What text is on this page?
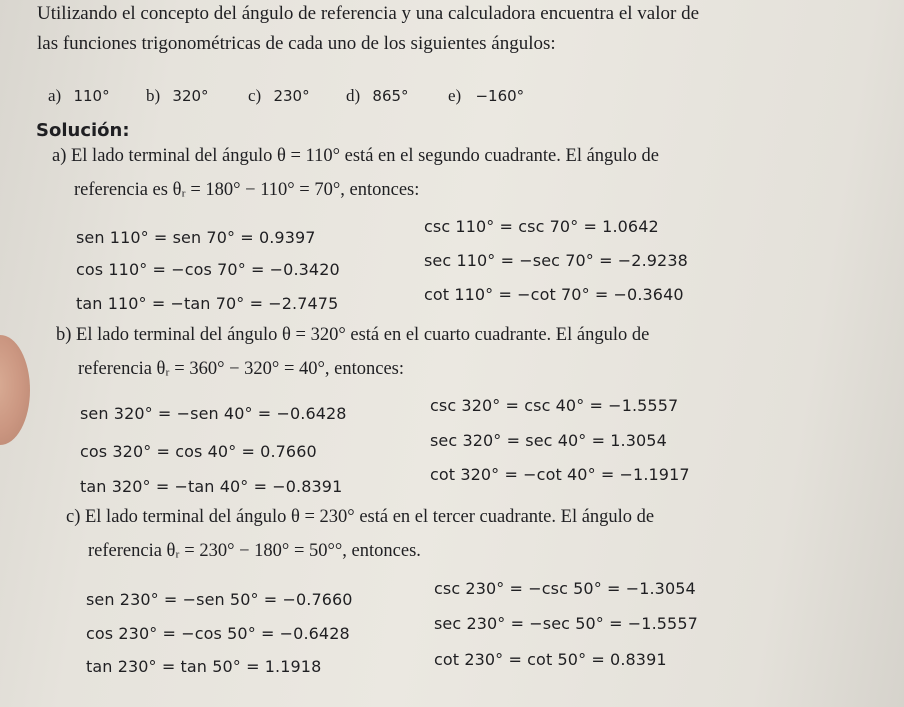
Utilizando el concepto del ángulo de referencia y una calculadora encuentra el valor de
las funciones trigonométricas de cada uno de los siguientes ángulos:
a) 110° b) 320° c) 230° d) 865° e) −160°
Solución:
a) El lado terminal del ángulo θ = 110° está en el segundo cuadrante. El ángulo de
referencia es θᵣ = 180° − 110° = 70°, entonces:
sen 110° = sen 70° = 0.9397
cos 110° = −cos 70° = −0.3420
tan 110° = −tan 70° = −2.7475
csc 110° = csc 70° = 1.0642
sec 110° = −sec 70° = −2.9238
cot 110° = −cot 70° = −0.3640
b) El lado terminal del ángulo θ = 320° está en el cuarto cuadrante. El ángulo de
referencia θᵣ = 360° − 320° = 40°, entonces:
sen 320° = −sen 40° = −0.6428
cos 320° = cos 40° = 0.7660
tan 320° = −tan 40° = −0.8391
csc 320° = csc 40° = −1.5557
sec 320° = sec 40° = 1.3054
cot 320° = −cot 40° = −1.1917
c) El lado terminal del ángulo θ = 230° está en el tercer cuadrante. El ángulo de
referencia θᵣ = 230° − 180° = 50°°, entonces.
sen 230° = −sen 50° = −0.7660
cos 230° = −cos 50° = −0.6428
tan 230° = tan 50° = 1.1918
csc 230° = −csc 50° = −1.3054
sec 230° = −sec 50° = −1.5557
cot 230° = cot 50° = 0.8391
